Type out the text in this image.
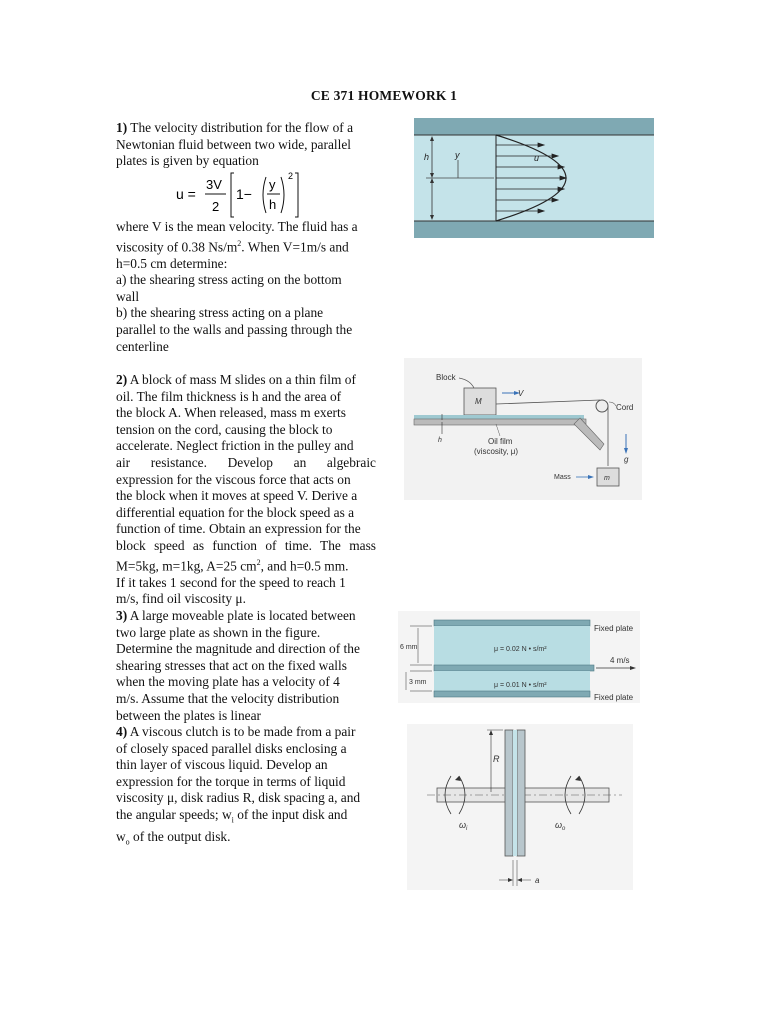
CE 371 HOMEWORK 1
1) The velocity distribution for the flow of a
Newtonian fluid between two wide, parallel
plates is given by equation
u =
3V
2
1−
y
h
2
where V is the mean velocity. The fluid has a
viscosity of 0.38 $Ns/m^2$. When V=1m/s and
h=0.5 cm determine:
a) the shearing stress acting on the bottom
wall
b) the shearing stress acting on a plane
parallel to the walls and passing through the
centerline
2) A block of mass M slides on a thin film of
oil. The film thickness is h and the area of
the block A. When released, mass m exerts
tension on the cord, causing the block to
accelerate. Neglect friction in the pulley and
air resistance. Develop an algebraic
expression for the viscous force that acts on
the block when it moves at speed V. Derive a
differential equation for the block speed as a
function of time. Obtain an expression for the
block speed as function of time. The mass
M=5kg, m=1kg, A=25 $cm^2$, and h=0.5 mm.
If it takes 1 second for the speed to reach 1
m/s, find oil viscosity μ.
3) A large moveable plate is located between
two large plate as shown in the figure.
Determine the magnitude and direction of the
shearing stresses that act on the fixed walls
when the moving plate has a velocity of 4
m/s. Assume that the velocity distribution
between the plates is linear
4) A viscous clutch is to be made from a pair
of closely spaced parallel disks enclosing a
thin layer of viscous liquid. Develop an
expression for the torque in terms of liquid
viscosity μ, disk radius R, disk spacing a, and
the angular speeds; $w_i$ of the input disk and
$w_o$ of the output disk.
h	y	u
Block
M
V
Cord
g
m
Mass
h	Oil film
(viscosity, μ)
Fixed plate
Fixed plate
μ = 0.02 N • s/m²
μ = 0.01 N • s/m²
4 m/s
6 mm
3 mm
R
$\omega_i$	$\omega_o$
a
